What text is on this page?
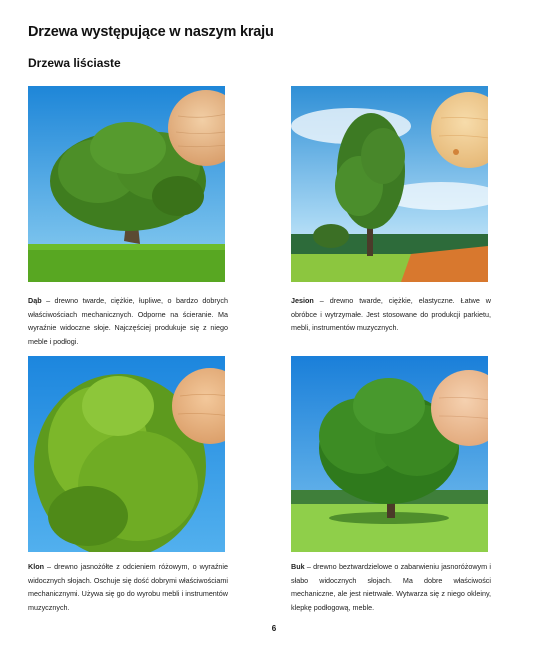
Drzewa występujące w naszym kraju
Drzewa liściaste
Dąb – drewno twarde, ciężkie, łupliwe, o bardzo dobrych właściwościach mechanicznych. Odporne na ścieranie. Ma wyraźnie widoczne słoje. Najczęściej produkuje się z niego meble i podłogi.
Jesion – drewno twarde, ciężkie, elastyczne. Łatwe w obróbce i wytrzymałe. Jest stosowane do produkcji parkietu, mebli, instrumentów muzycznych.
Klon – drewno jasnożółte z odcieniem różowym, o wyraźnie widocznych słojach. Oschuje się dość dobrymi właściwościami mechanicznymi. Używa się go do wyrobu mebli i instrumentów muzycznych.
Buk – drewno beztwardzielowe o zabarwieniu jasnoróżowym i słabo widocznych słojach. Ma dobre właściwości mechaniczne, ale jest nietrwałe. Wytwarza się z niego okleiny, klepkę podłogową, meble.
6
